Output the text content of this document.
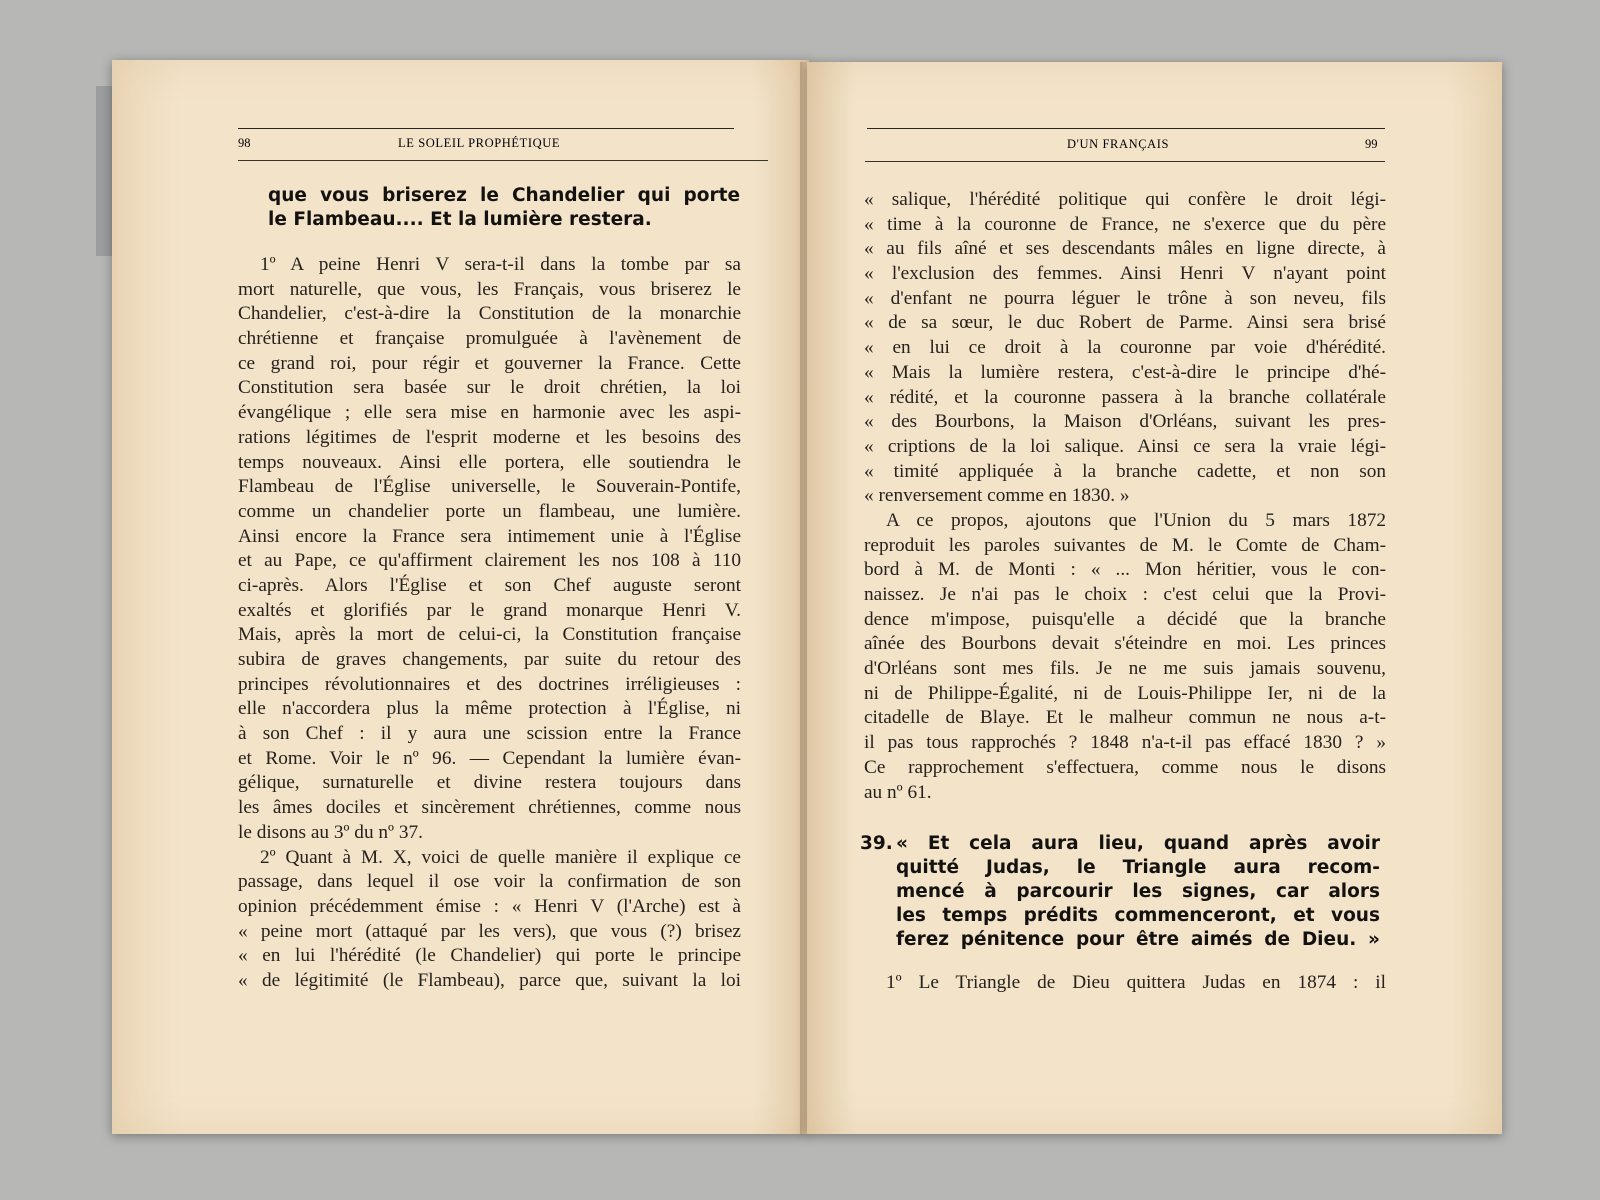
98	LE SOLEIL PROPHÉTIQUE
que vous briserez le Chandelier qui porte
le Flambeau.... Et la lumière restera.
1º A peine Henri V sera-t-il dans la tombe par sa
mort naturelle, que vous, les Français, vous briserez le
Chandelier, c'est-à-dire la Constitution de la monarchie
chrétienne et française promulguée à l'avènement de
ce grand roi, pour régir et gouverner la France. Cette
Constitution sera basée sur le droit chrétien, la loi
évangélique ; elle sera mise en harmonie avec les aspi-
rations légitimes de l'esprit moderne et les besoins des
temps nouveaux. Ainsi elle portera, elle soutiendra le
Flambeau de l'Église universelle, le Souverain-Pontife,
comme un chandelier porte un flambeau, une lumière.
Ainsi encore la France sera intimement unie à l'Église
et au Pape, ce qu'affirment clairement les nos 108 à 110
ci-après. Alors l'Église et son Chef auguste seront
exaltés et glorifiés par le grand monarque Henri V.
Mais, après la mort de celui-ci, la Constitution française
subira de graves changements, par suite du retour des
principes révolutionnaires et des doctrines irréligieuses :
elle n'accordera plus la même protection à l'Église, ni
à son Chef : il y aura une scission entre la France
et Rome. Voir le nº 96. — Cependant la lumière évan-
gélique, surnaturelle et divine restera toujours dans
les âmes dociles et sincèrement chrétiennes, comme nous
le disons au 3º du nº 37.
2º Quant à M. X, voici de quelle manière il explique ce
passage, dans lequel il ose voir la confirmation de son
opinion précédemment émise : « Henri V (l'Arche) est à
« peine mort (attaqué par les vers), que vous (?) brisez
« en lui l'hérédité (le Chandelier) qui porte le principe
« de légitimité (le Flambeau), parce que, suivant la loi
D'UN FRANÇAIS	99
« salique, l'hérédité politique qui confère le droit légi-
« time à la couronne de France, ne s'exerce que du père
« au fils aîné et ses descendants mâles en ligne directe, à
« l'exclusion des femmes. Ainsi Henri V n'ayant point
« d'enfant ne pourra léguer le trône à son neveu, fils
« de sa sœur, le duc Robert de Parme. Ainsi sera brisé
« en lui ce droit à la couronne par voie d'hérédité.
« Mais la lumière restera, c'est-à-dire le principe d'hé-
« rédité, et la couronne passera à la branche collatérale
« des Bourbons, la Maison d'Orléans, suivant les pres-
« criptions de la loi salique. Ainsi ce sera la vraie légi-
« timité appliquée à la branche cadette, et non son
« renversement comme en 1830. »
A ce propos, ajoutons que l'Union du 5 mars 1872
reproduit les paroles suivantes de M. le Comte de Cham-
bord à M. de Monti : « ... Mon héritier, vous le con-
naissez. Je n'ai pas le choix : c'est celui que la Provi-
dence m'impose, puisqu'elle a décidé que la branche
aînée des Bourbons devait s'éteindre en moi. Les princes
d'Orléans sont mes fils. Je ne me suis jamais souvenu,
ni de Philippe-Égalité, ni de Louis-Philippe Ier, ni de la
citadelle de Blaye. Et le malheur commun ne nous a-t-
il pas tous rapprochés ? 1848 n'a-t-il pas effacé 1830 ? »
Ce rapprochement s'effectuera, comme nous le disons
au nº 61.
39. « Et cela aura lieu, quand après avoir
quitté Judas, le Triangle aura recom-
mencé à parcourir les signes, car alors
les temps prédits commenceront, et vous
ferez pénitence pour être aimés de Dieu. »
1º Le Triangle de Dieu quittera Judas en 1874 : il
